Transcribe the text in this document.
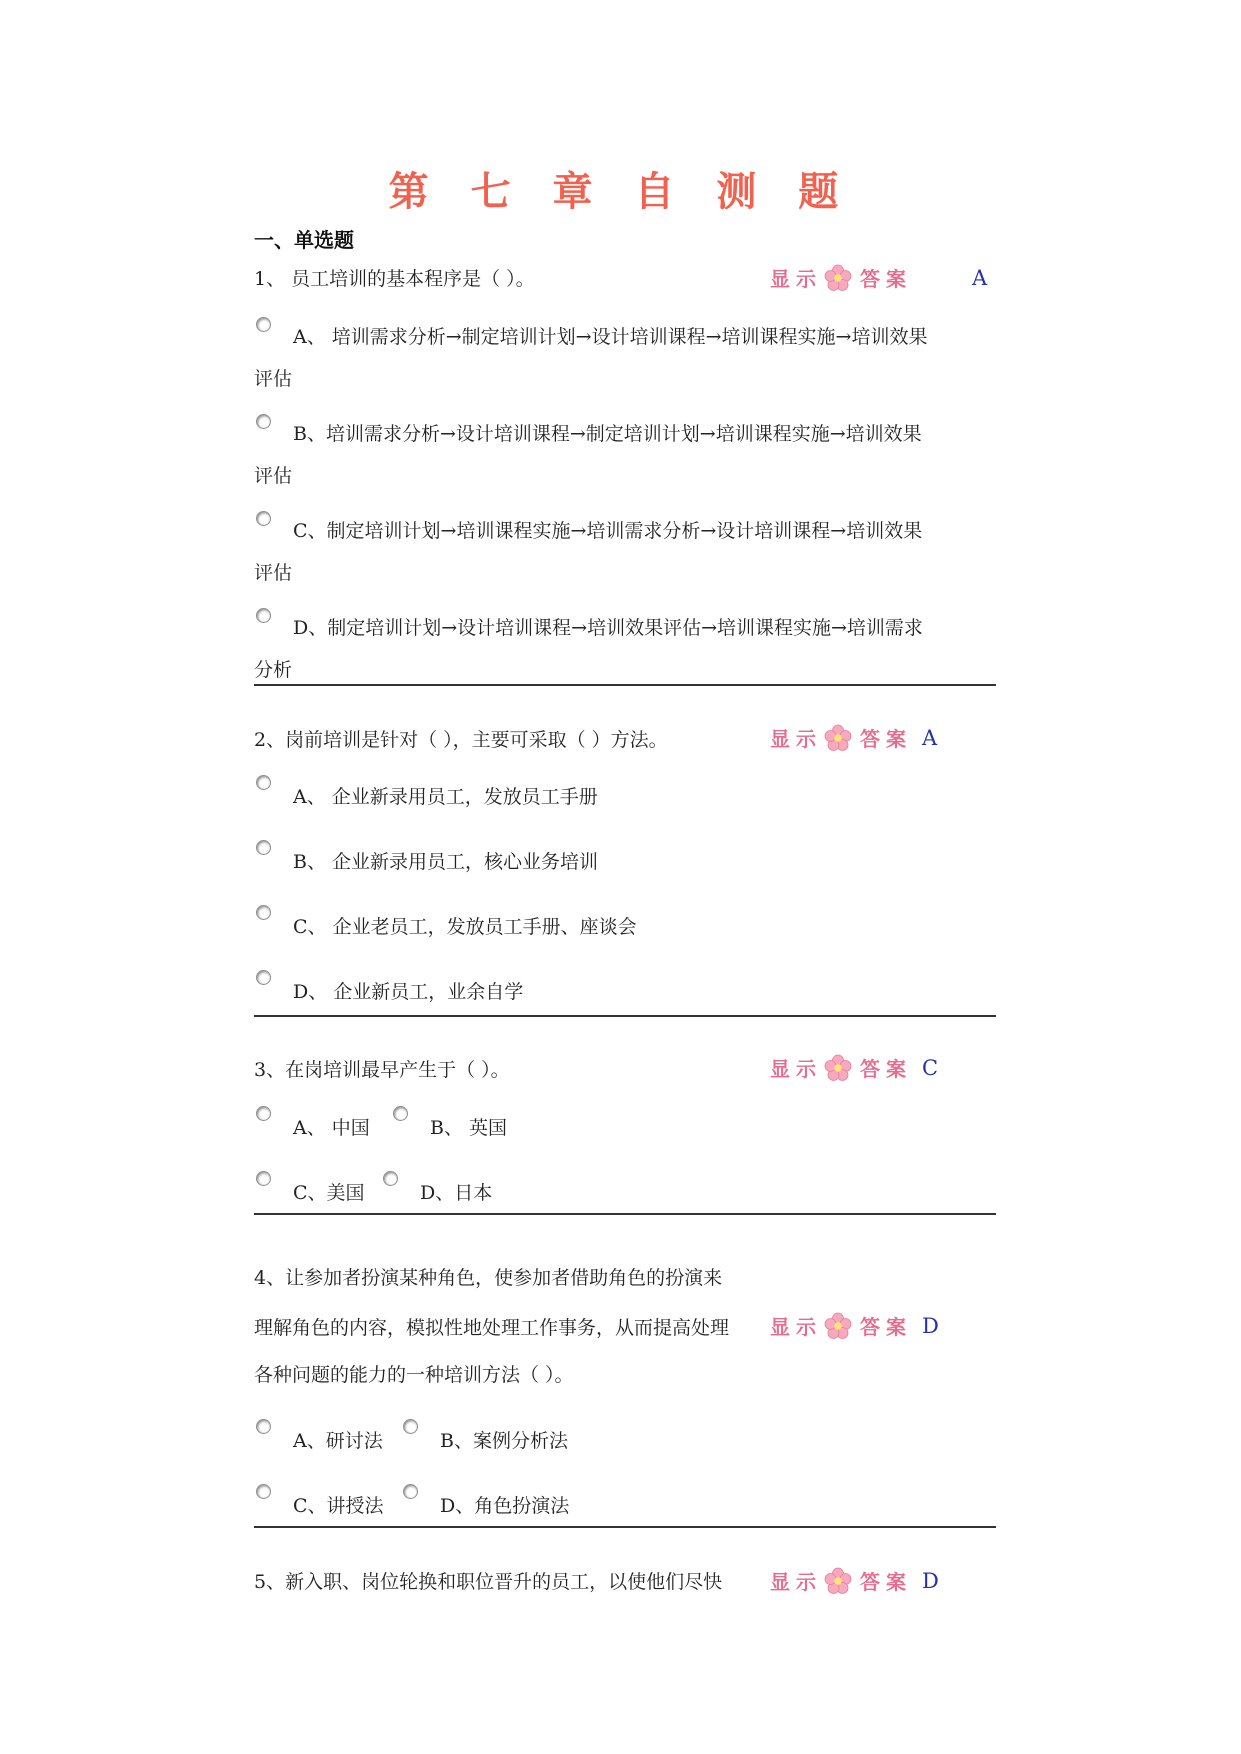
第 七 章 自 测 题
一、单选题
1、 员工培训的基本程序是（ ）。	显示 答案	A
A、 培训需求分析→制定培训计划→设计培训课程→培训课程实施→培训效果
评估
B、培训需求分析→设计培训课程→制定培训计划→培训课程实施→培训效果
评估
C、制定培训计划→培训课程实施→培训需求分析→设计培训课程→培训效果
评估
D、制定培训计划→设计培训课程→培训效果评估→培训课程实施→培训需求
分析
2、岗前培训是针对（ ），主要可采取（ ）方法。	显示 答案 A
A、 企业新录用员工，发放员工手册
B、 企业新录用员工，核心业务培训
C、 企业老员工，发放员工手册、座谈会
D、 企业新员工，业余自学
3、在岗培训最早产生于（ ）。	显示 答案 C
A、 中国	B、 英国
C、美国	D、日本
4、让参加者扮演某种角色，使参加者借助角色的扮演来
理解角色的内容，模拟性地处理工作事务，从而提高处理 显示 答案 D
各种问题的能力的一种培训方法（ ）。
A、研讨法	B、案例分析法
C、讲授法	D、角色扮演法
5、新入职、岗位轮换和职位晋升的员工，以使他们尽快 显示 答案 D
